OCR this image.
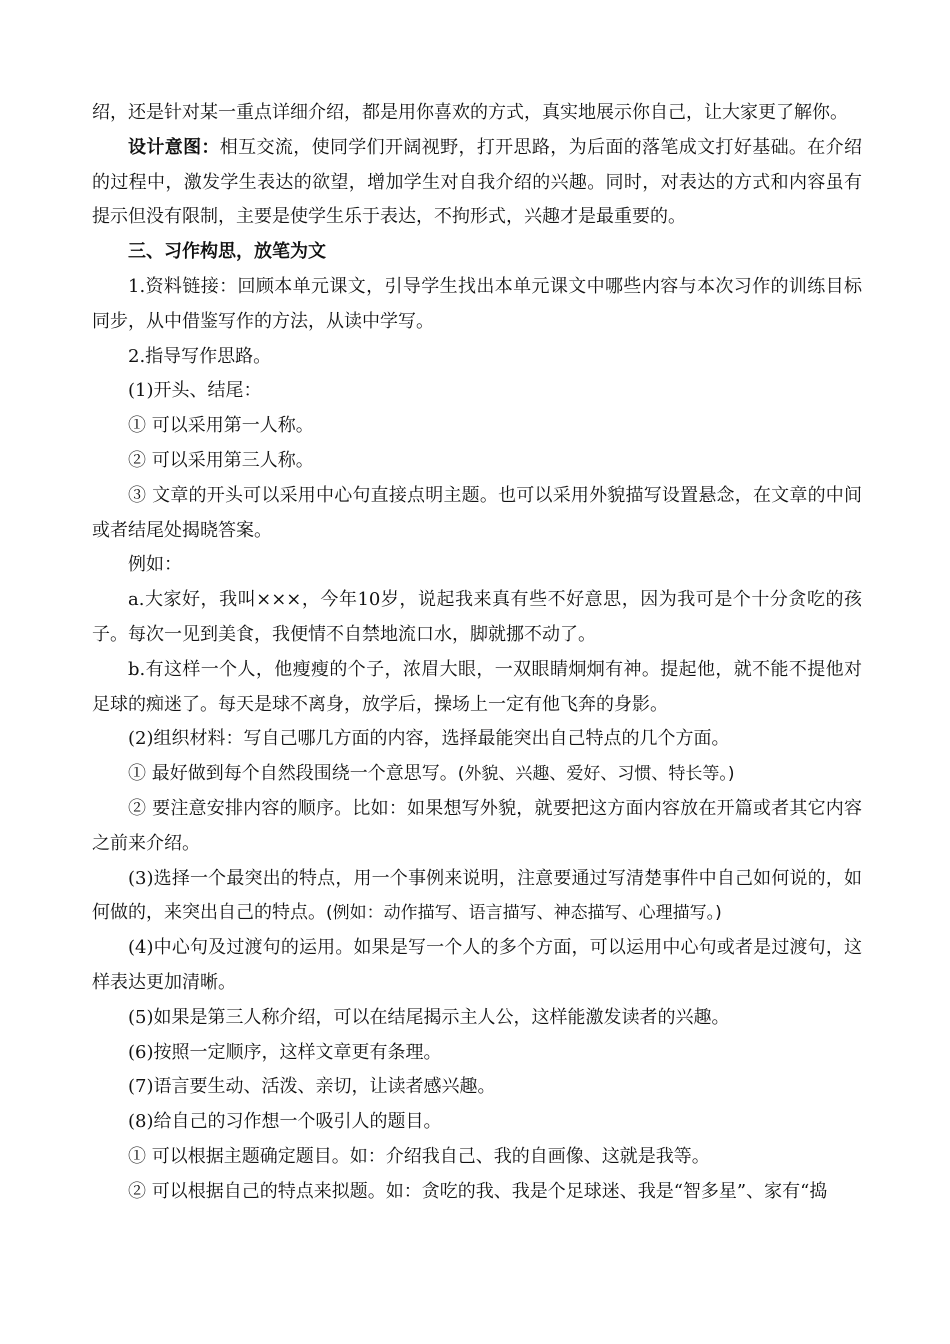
绍，还是针对某一重点详细介绍，都是用你喜欢的方式，真实地展示你自己，让大家更了解你。

设计意图：相互交流，使同学们开阔视野，打开思路，为后面的落笔成文打好基础。在介绍的过程中，激发学生表达的欲望，增加学生对自我介绍的兴趣。同时，对表达的方式和内容虽有提示但没有限制，主要是使学生乐于表达，不拘形式，兴趣才是最重要的。

三、习作构思，放笔为文

1.资料链接：回顾本单元课文，引导学生找出本单元课文中哪些内容与本次习作的训练目标同步，从中借鉴写作的方法，从读中学写。

2.指导写作思路。

(1)开头、结尾：

① 可以采用第一人称。

② 可以采用第三人称。

③ 文章的开头可以采用中心句直接点明主题。也可以采用外貌描写设置悬念，在文章的中间或者结尾处揭晓答案。

例如：

a.大家好，我叫×××，今年10岁，说起我来真有些不好意思，因为我可是个十分贪吃的孩子。每次一见到美食，我便情不自禁地流口水，脚就挪不动了。

b.有这样一个人，他瘦瘦的个子，浓眉大眼，一双眼睛炯炯有神。提起他，就不能不提他对足球的痴迷了。每天是球不离身，放学后，操场上一定有他飞奔的身影。

(2)组织材料：写自己哪几方面的内容，选择最能突出自己特点的几个方面。

① 最好做到每个自然段围绕一个意思写。(外貌、兴趣、爱好、习惯、特长等。)

② 要注意安排内容的顺序。比如：如果想写外貌，就要把这方面内容放在开篇或者其它内容之前来介绍。

(3)选择一个最突出的特点，用一个事例来说明，注意要通过写清楚事件中自己如何说的，如何做的，来突出自己的特点。(例如：动作描写、语言描写、神态描写、心理描写。)

(4)中心句及过渡句的运用。如果是写一个人的多个方面，可以运用中心句或者是过渡句，这样表达更加清晰。

(5)如果是第三人称介绍，可以在结尾揭示主人公，这样能激发读者的兴趣。

(6)按照一定顺序，这样文章更有条理。

(7)语言要生动、活泼、亲切，让读者感兴趣。

(8)给自己的习作想一个吸引人的题目。

① 可以根据主题确定题目。如：介绍我自己、我的自画像、这就是我等。

② 可以根据自己的特点来拟题。如：贪吃的我、我是个足球迷、我是“智多星”、家有“捣
